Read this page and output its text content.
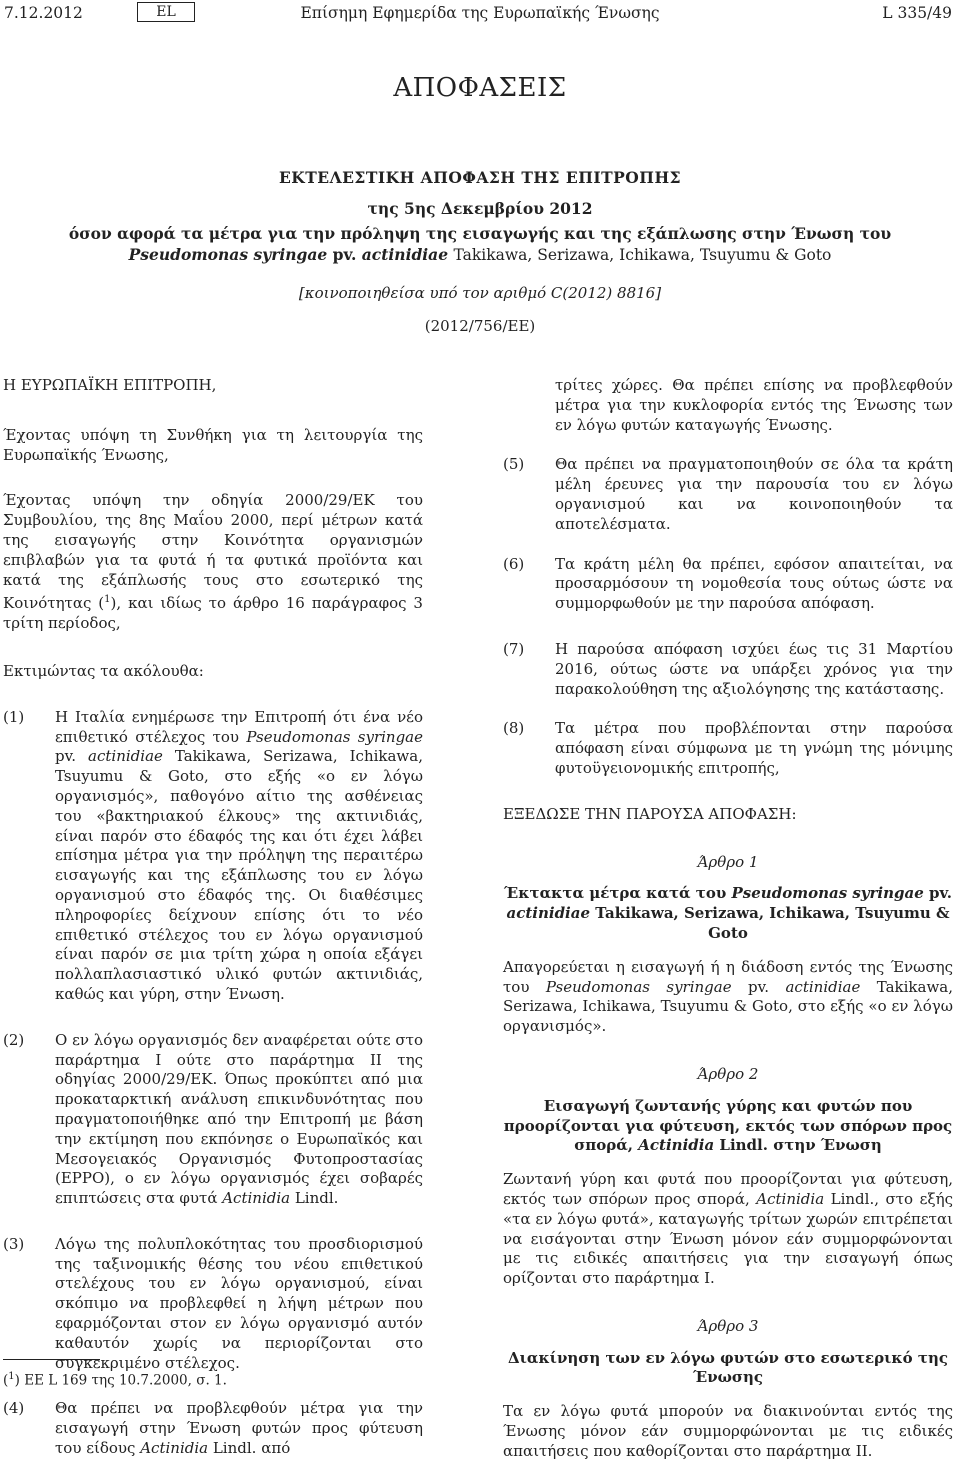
7.12.2012	EL	Επίσημη Εφημερίδα της Ευρωπαϊκής Ένωσης	L 335/49
ΑΠΟΦΑΣΕΙΣ

ΕΚΤΕΛΕΣΤΙΚΗ ΑΠΟΦΑΣΗ ΤΗΣ ΕΠΙΤΡΟΠΗΣ

της 5ης Δεκεμβρίου 2012

όσον αφορά τα μέτρα για την πρόληψη της εισαγωγής και της εξάπλωσης στην Ένωση του Pseudomonas syringae pv. actinidiae Takikawa, Serizawa, Ichikawa, Tsuyumu & Goto

[κοινοποιηθείσα υπό τον αριθμό C(2012) 8816]
(2012/756/ΕΕ)

Η ΕΥΡΩΠΑΪΚΗ ΕΠΙΤΡΟΠΗ,

Έχοντας υπόψη τη Συνθήκη για τη λειτουργία της Ευρωπαϊκής Ένωσης,

Έχοντας υπόψη την οδηγία 2000/29/ΕΚ του Συμβουλίου, της 8ης Μαΐου 2000, περί μέτρων κατά της εισαγωγής στην Κοινότητα οργανισμών επιβλαβών για τα φυτά ή τα φυτικά προϊόντα και κατά της εξάπλωσής τους στο εσωτερικό της Κοινότητας ($^1$), και ιδίως το άρθρο 16 παράγραφος 3 τρίτη περίοδος,

Εκτιμώντας τα ακόλουθα:

(1)	Η Ιταλία ενημέρωσε την Επιτροπή ότι ένα νέο επιθετικό στέλεχος του Pseudomonas syringae pv. actinidiae Takikawa, Serizawa, Ichikawa, Tsuyumu & Goto, στο εξής «ο εν λόγω οργανισμός», παθογόνο αίτιο της ασθένειας του «βακτηριακού έλκους» της ακτινιδιάς, είναι παρόν στο έδαφός της και ότι έχει λάβει επίσημα μέτρα για την πρόληψη της περαιτέρω εισαγωγής και της εξάπλωσης του εν λόγω οργανισμού στο έδαφός της. Οι διαθέσιμες πληροφορίες δείχνουν επίσης ότι το νέο επιθετικό στέλεχος του εν λόγω οργανισμού είναι παρόν σε μια τρίτη χώρα η οποία εξάγει πολλαπλασιαστικό υλικό φυτών ακτινιδιάς, καθώς και γύρη, στην Ένωση.
(2)	Ο εν λόγω οργανισμός δεν αναφέρεται ούτε στο παράρτημα I ούτε στο παράρτημα II της οδηγίας 2000/29/ΕΚ. Όπως προκύπτει από μια προκαταρκτική ανάλυση επικινδυνότητας που πραγματοποιήθηκε από την Επιτροπή με βάση την εκτίμηση που εκπόνησε ο Ευρωπαϊκός και Μεσογειακός Οργανισμός Φυτοπροστασίας (EPPO), ο εν λόγω οργανισμός έχει σοβαρές επιπτώσεις στα φυτά Actinidia Lindl.
(3)	Λόγω της πολυπλοκότητας του προσδιορισμού της ταξινομικής θέσης του νέου επιθετικού στελέχους του εν λόγω οργανισμού, είναι σκόπιμο να προβλεφθεί η λήψη μέτρων που εφαρμόζονται στον εν λόγω οργανισμό αυτόν καθαυτόν χωρίς να περιορίζονται στο συγκεκριμένο στέλεχος.
(4)	Θα πρέπει να προβλεφθούν μέτρα για την εισαγωγή στην Ένωση φυτών προς φύτευση του είδους Actinidia Lindl. από
τρίτες χώρες. Θα πρέπει επίσης να προβλεφθούν μέτρα για την κυκλοφορία εντός της Ένωσης των εν λόγω φυτών καταγωγής Ένωσης.
(5)	Θα πρέπει να πραγματοποιηθούν σε όλα τα κράτη μέλη έρευνες για την παρουσία του εν λόγω οργανισμού και να κοινοποιηθούν τα αποτελέσματα.
(6)	Τα κράτη μέλη θα πρέπει, εφόσον απαιτείται, να προσαρμόσουν τη νομοθεσία τους ούτως ώστε να συμμορφωθούν με την παρούσα απόφαση.
(7)	Η παρούσα απόφαση ισχύει έως τις 31 Μαρτίου 2016, ούτως ώστε να υπάρξει χρόνος για την παρακολούθηση της αξιολόγησης της κατάστασης.
(8)	Τα μέτρα που προβλέπονται στην παρούσα απόφαση είναι σύμφωνα με τη γνώμη της μόνιμης φυτοϋγειονομικής επιτροπής,

ΕΞΕΔΩΣΕ ΤΗΝ ΠΑΡΟΥΣΑ ΑΠΟΦΑΣΗ:

Άρθρο 1

Έκτακτα μέτρα κατά του Pseudomonas syringae pv. actinidiae Takikawa, Serizawa, Ichikawa, Tsuyumu & Goto

Απαγορεύεται η εισαγωγή ή η διάδοση εντός της Ένωσης του Pseudomonas syringae pv. actinidiae Takikawa, Serizawa, Ichikawa, Tsuyumu & Goto, στο εξής «ο εν λόγω οργανισμός».

Άρθρο 2

Εισαγωγή ζωντανής γύρης και φυτών που προορίζονται για φύτευση, εκτός των σπόρων προς σπορά, Actinidia Lindl. στην Ένωση

Ζωντανή γύρη και φυτά που προορίζονται για φύτευση, εκτός των σπόρων προς σπορά, Actinidia Lindl., στο εξής «τα εν λόγω φυτά», καταγωγής τρίτων χωρών επιτρέπεται να εισάγονται στην Ένωση μόνον εάν συμμορφώνονται με τις ειδικές απαιτήσεις για την εισαγωγή όπως ορίζονται στο παράρτημα I.

Άρθρο 3

Διακίνηση των εν λόγω φυτών στο εσωτερικό της Ένωσης

Τα εν λόγω φυτά μπορούν να διακινούνται εντός της Ένωσης μόνον εάν συμμορφώνονται με τις ειδικές απαιτήσεις που καθορίζονται στο παράρτημα II.

($^1$) ΕΕ L 169 της 10.7.2000, σ. 1.
